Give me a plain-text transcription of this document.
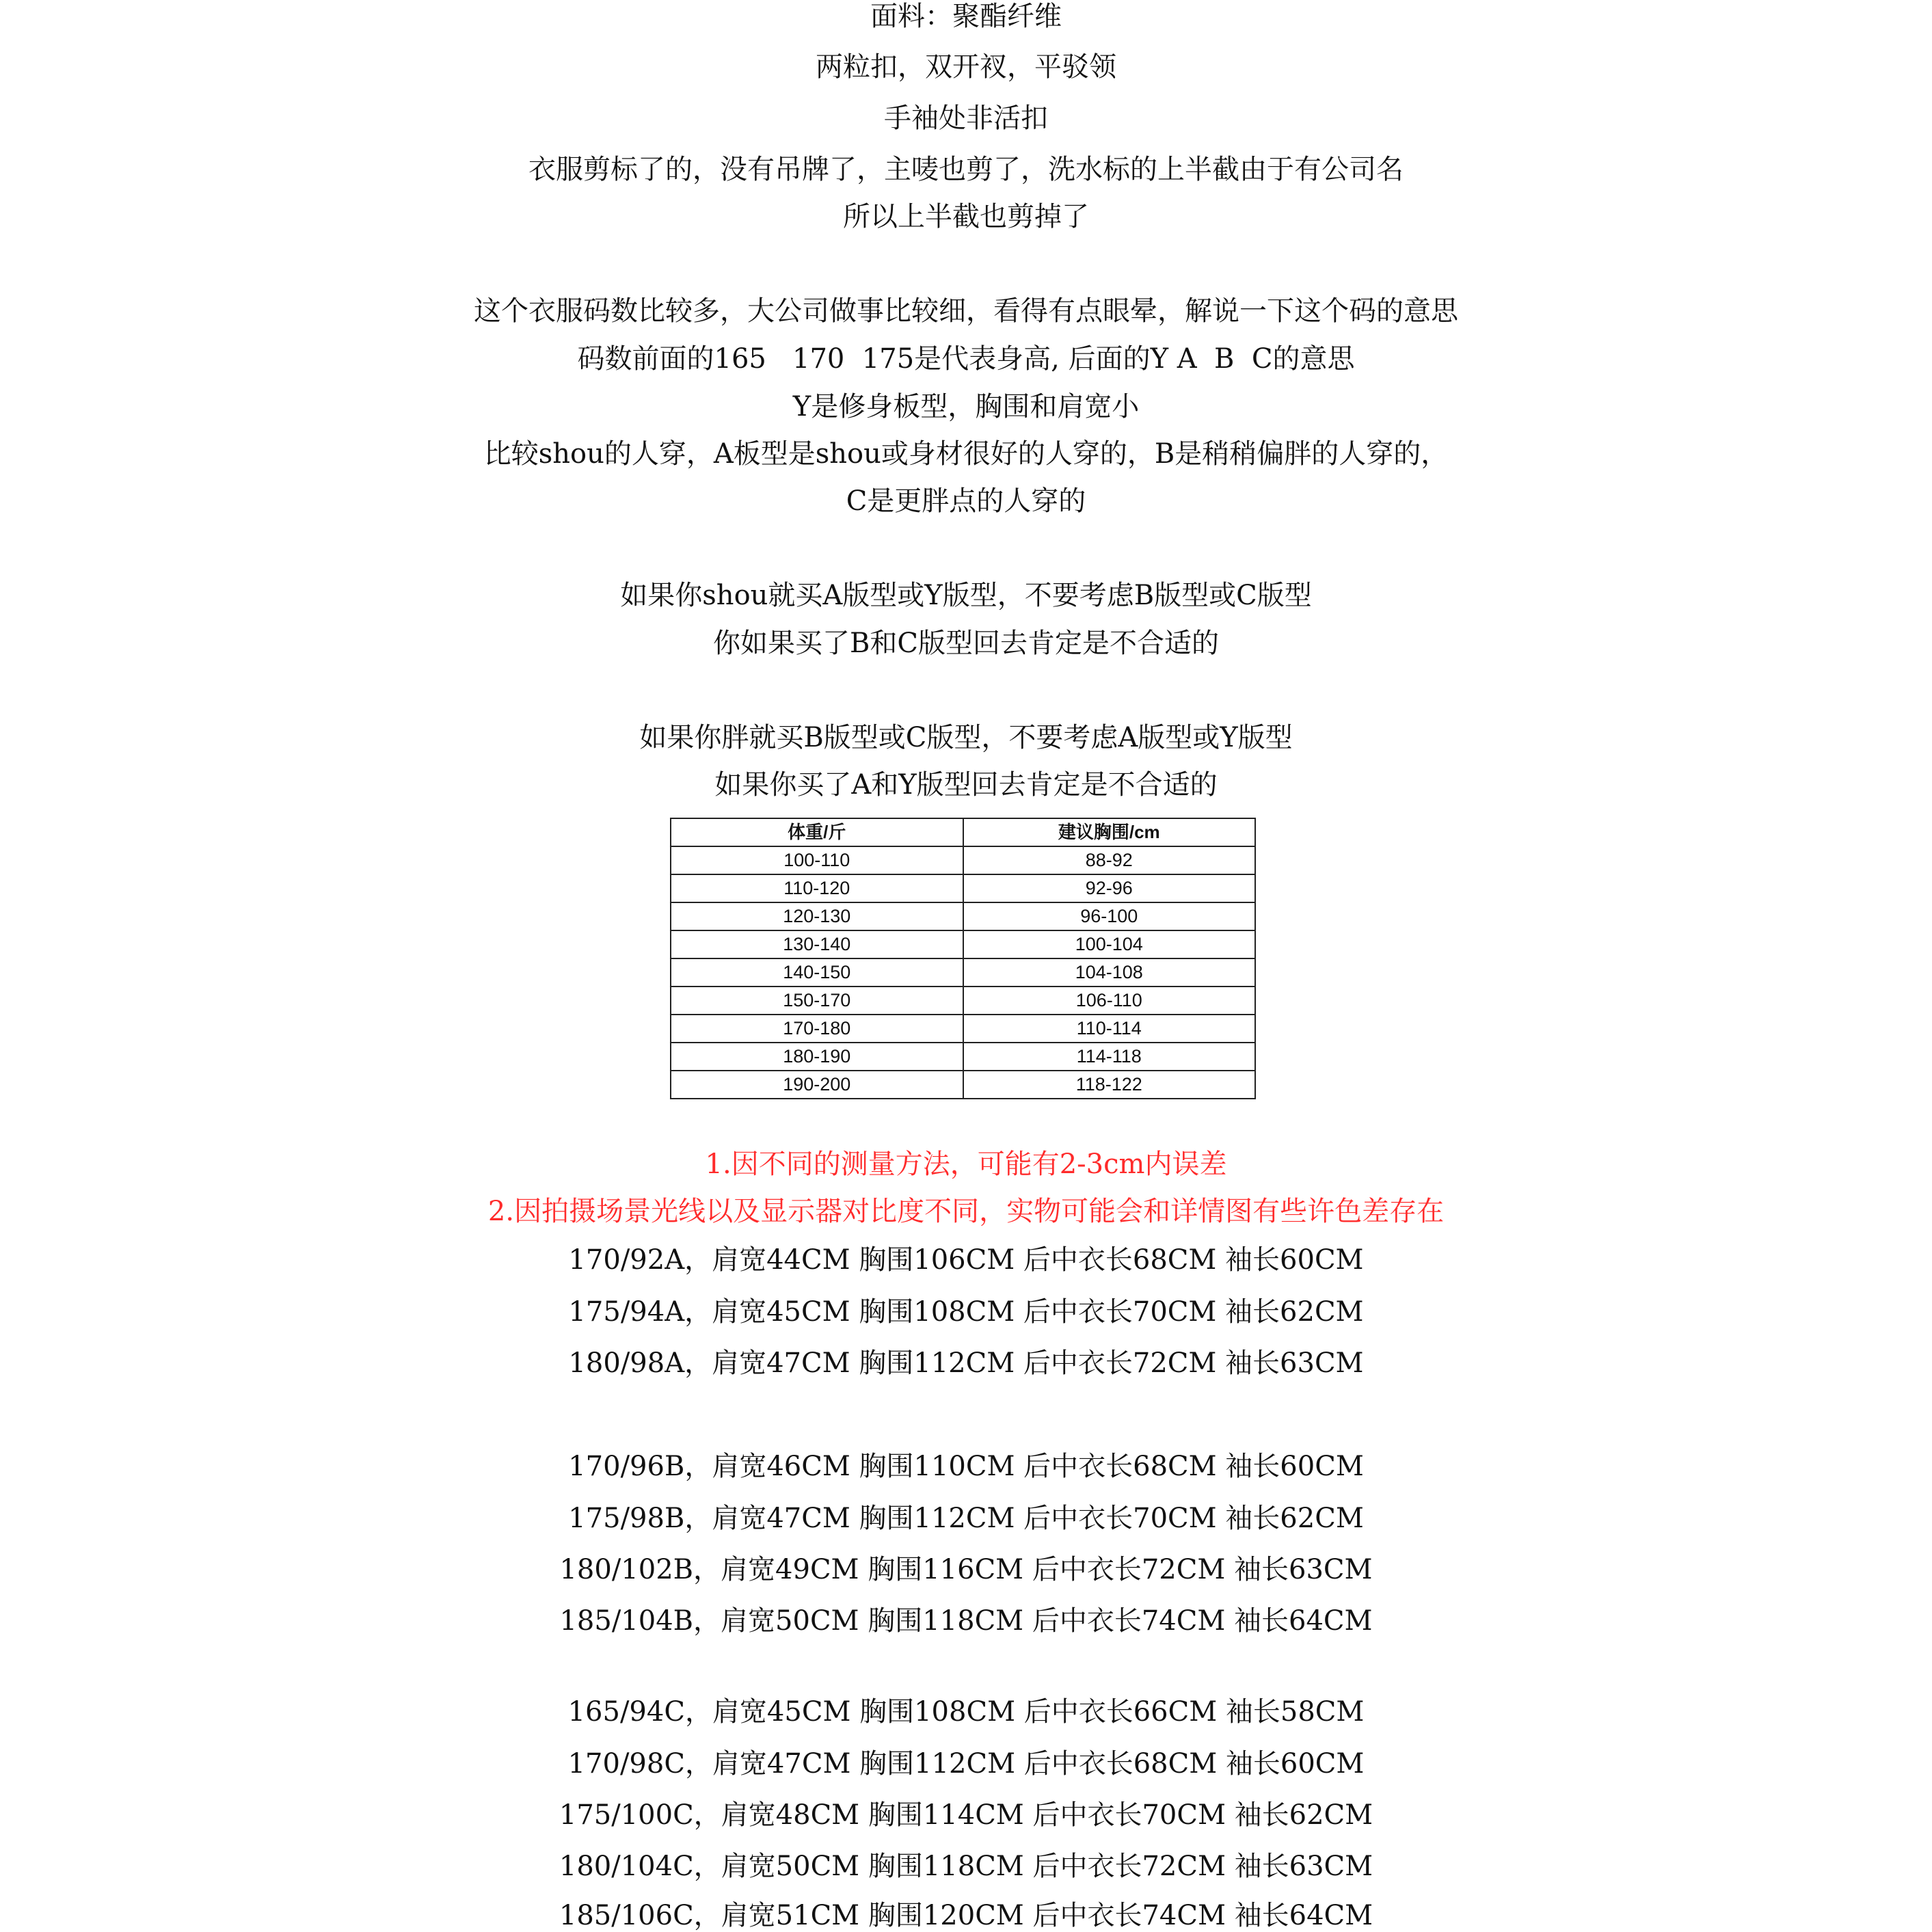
面料：聚酯纤维
两粒扣，双开衩，平驳领
手袖处非活扣
衣服剪标了的，没有吊牌了，主唛也剪了，洗水标的上半截由于有公司名
所以上半截也剪掉了
这个衣服码数比较多，大公司做事比较细，看得有点眼晕，解说一下这个码的意思
码数前面的165   170  175是代表身高, 后面的Y A  B  C的意思
Y是修身板型，胸围和肩宽小
比较shou的人穿，A板型是shou或身材很好的人穿的，B是稍稍偏胖的人穿的，
C是更胖点的人穿的
如果你shou就买A版型或Y版型，不要考虑B版型或C版型
你如果买了B和C版型回去肯定是不合适的
如果你胖就买B版型或C版型，不要考虑A版型或Y版型
如果你买了A和Y版型回去肯定是不合适的
体重/斤	建议胸围/cm
100-110	88-92
110-120	92-96
120-130	96-100
130-140	100-104
140-150	104-108
150-170	106-110
170-180	110-114
180-190	114-118
190-200	118-122
1.因不同的测量方法，可能有2-3cm内误差
2.因拍摄场景光线以及显示器对比度不同，实物可能会和详情图有些许色差存在
170/92A，肩宽44CM 胸围106CM 后中衣长68CM 袖长60CM
175/94A，肩宽45CM 胸围108CM 后中衣长70CM 袖长62CM
180/98A，肩宽47CM 胸围112CM 后中衣长72CM 袖长63CM
170/96B，肩宽46CM 胸围110CM 后中衣长68CM 袖长60CM
175/98B，肩宽47CM 胸围112CM 后中衣长70CM 袖长62CM
180/102B，肩宽49CM 胸围116CM 后中衣长72CM 袖长63CM
185/104B，肩宽50CM 胸围118CM 后中衣长74CM 袖长64CM
165/94C，肩宽45CM 胸围108CM 后中衣长66CM 袖长58CM
170/98C，肩宽47CM 胸围112CM 后中衣长68CM 袖长60CM
175/100C，肩宽48CM 胸围114CM 后中衣长70CM 袖长62CM
180/104C，肩宽50CM 胸围118CM 后中衣长72CM 袖长63CM
185/106C，肩宽51CM 胸围120CM 后中衣长74CM 袖长64CM
